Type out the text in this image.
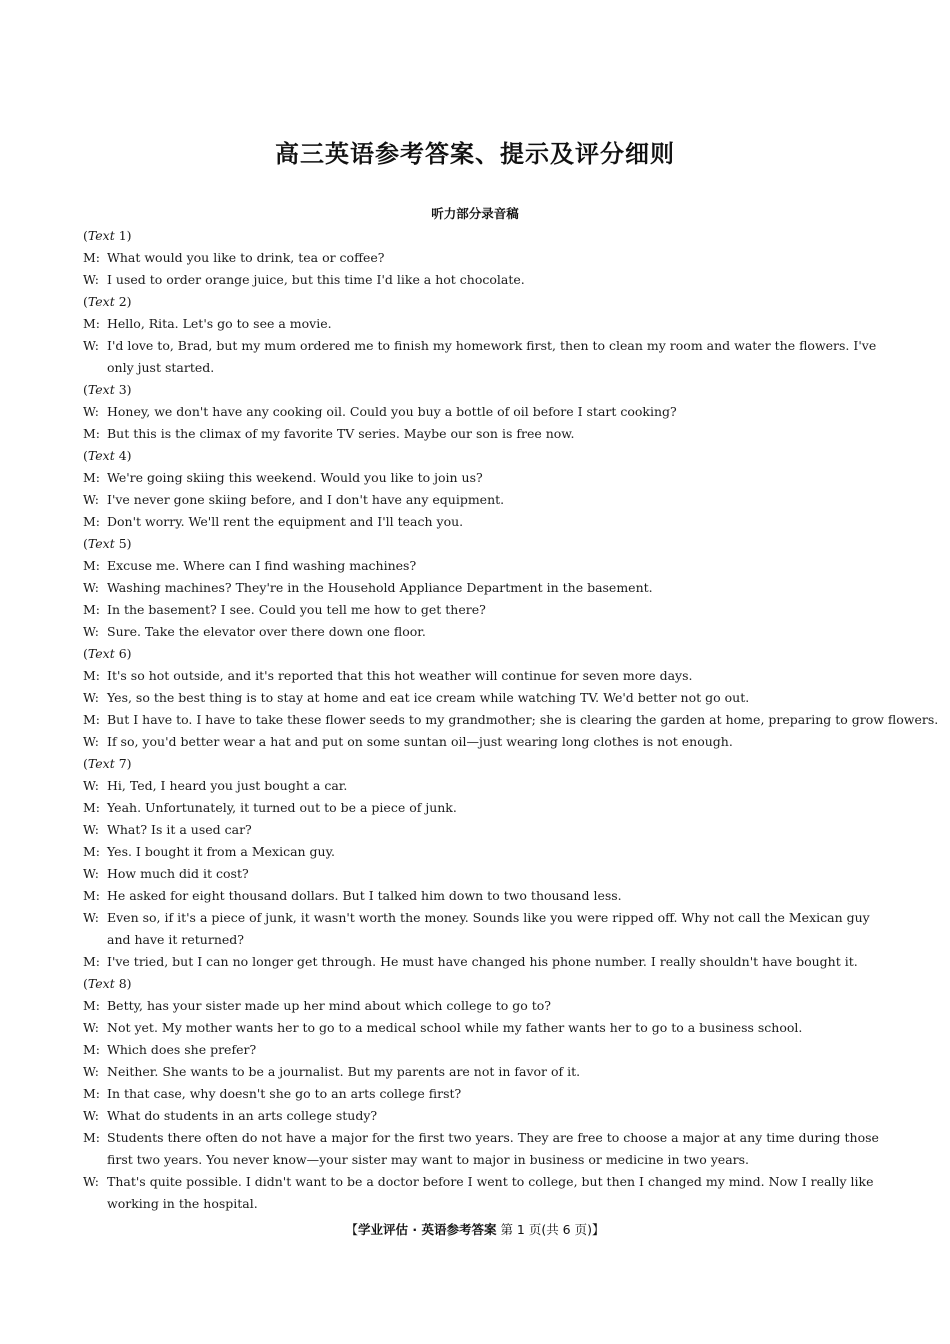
高三英语参考答案、提示及评分细则
听力部分录音稿
(Text 1)
M: What would you like to drink, tea or coffee?
W: I used to order orange juice, but this time I'd like a hot chocolate.
(Text 2)
M: Hello, Rita. Let's go to see a movie.
W: I'd love to, Brad, but my mum ordered me to finish my homework first, then to clean my room and water the flowers. I've only just started.
(Text 3)
W: Honey, we don't have any cooking oil. Could you buy a bottle of oil before I start cooking?
M: But this is the climax of my favorite TV series. Maybe our son is free now.
(Text 4)
M: We're going skiing this weekend. Would you like to join us?
W: I've never gone skiing before, and I don't have any equipment.
M: Don't worry. We'll rent the equipment and I'll teach you.
(Text 5)
M: Excuse me. Where can I find washing machines?
W: Washing machines? They're in the Household Appliance Department in the basement.
M: In the basement? I see. Could you tell me how to get there?
W: Sure. Take the elevator over there down one floor.
(Text 6)
M: It's so hot outside, and it's reported that this hot weather will continue for seven more days.
W: Yes, so the best thing is to stay at home and eat ice cream while watching TV. We'd better not go out.
M: But I have to. I have to take these flower seeds to my grandmother; she is clearing the garden at home, preparing to grow flowers.
W: If so, you'd better wear a hat and put on some suntan oil—just wearing long clothes is not enough.
(Text 7)
W: Hi, Ted, I heard you just bought a car.
M: Yeah. Unfortunately, it turned out to be a piece of junk.
W: What? Is it a used car?
M: Yes. I bought it from a Mexican guy.
W: How much did it cost?
M: He asked for eight thousand dollars. But I talked him down to two thousand less.
W: Even so, if it's a piece of junk, it wasn't worth the money. Sounds like you were ripped off. Why not call the Mexican guy and have it returned?
M: I've tried, but I can no longer get through. He must have changed his phone number. I really shouldn't have bought it.
(Text 8)
M: Betty, has your sister made up her mind about which college to go to?
W: Not yet. My mother wants her to go to a medical school while my father wants her to go to a business school.
M: Which does she prefer?
W: Neither. She wants to be a journalist. But my parents are not in favor of it.
M: In that case, why doesn't she go to an arts college first?
W: What do students in an arts college study?
M: Students there often do not have a major for the first two years. They are free to choose a major at any time during those first two years. You never know—your sister may want to major in business or medicine in two years.
W: That's quite possible. I didn't want to be a doctor before I went to college, but then I changed my mind. Now I really like working in the hospital.
【学业评估 · 英语参考答案 第 1 页(共 6 页)】
